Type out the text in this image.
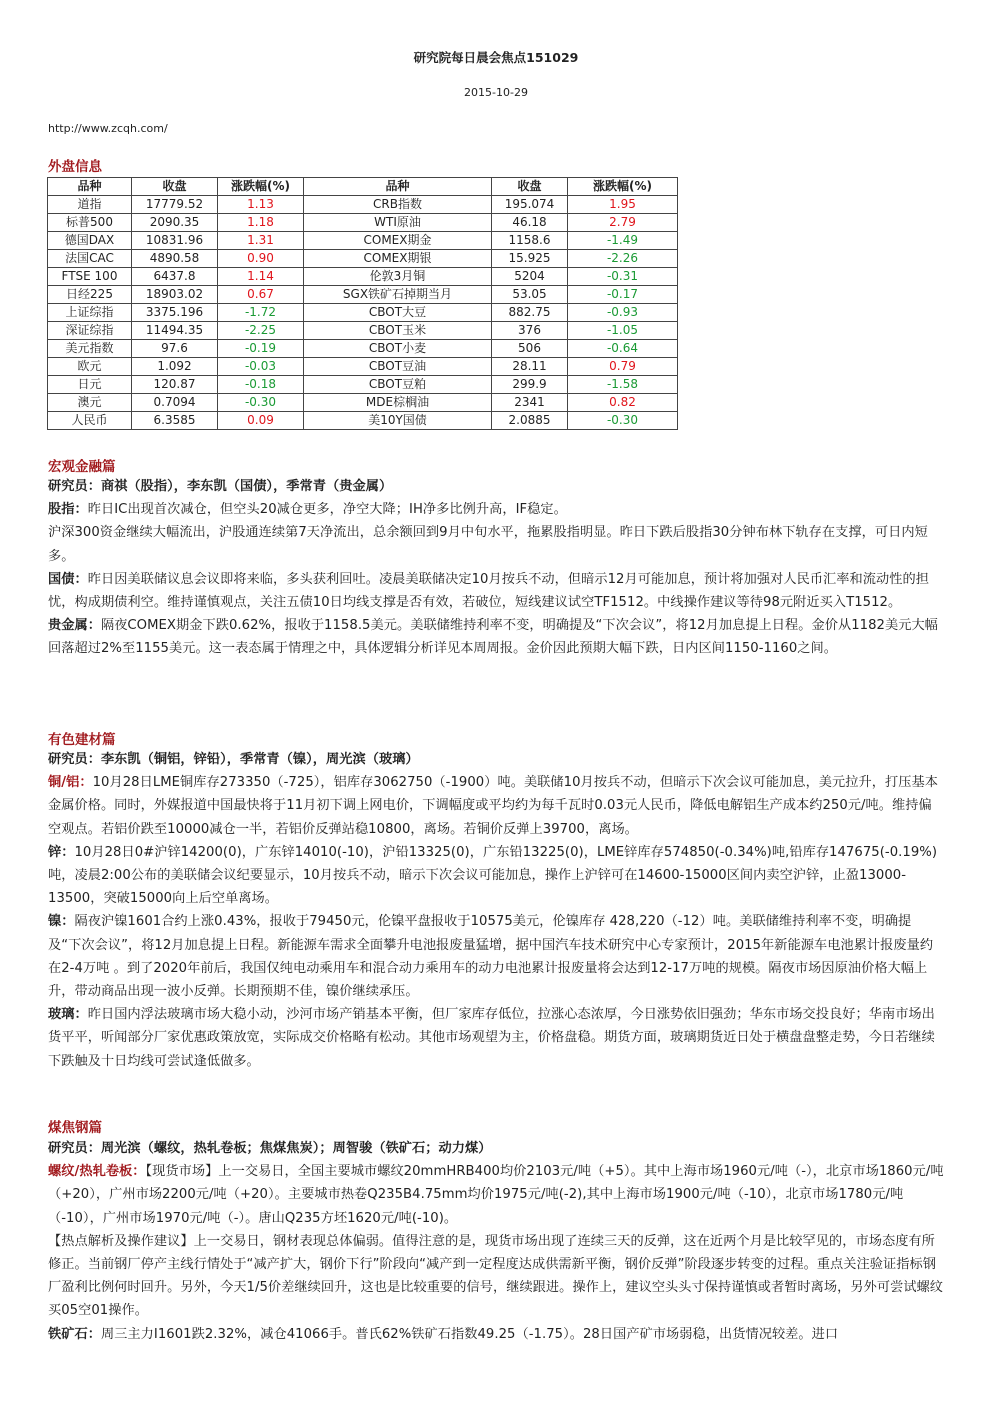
研究院每日晨会焦点151029
2015-10-29
http://www.zcqh.com/
外盘信息
品种	收盘	涨跌幅(%)	品种	收盘	涨跌幅(%)
道指	17779.52	1.13	CRB指数	195.074	1.95
标普500	2090.35	1.18	WTI原油	46.18	2.79
德国DAX	10831.96	1.31	COMEX期金	1158.6	-1.49
法国CAC	4890.58	0.90	COMEX期银	15.925	-2.26
FTSE 100	6437.8	1.14	伦敦3月铜	5204	-0.31
日经225	18903.02	0.67	SGX铁矿石掉期当月	53.05	-0.17
上证综指	3375.196	-1.72	CBOT大豆	882.75	-0.93
深证综指	11494.35	-2.25	CBOT玉米	376	-1.05
美元指数	97.6	-0.19	CBOT小麦	506	-0.64
欧元	1.092	-0.03	CBOT豆油	28.11	0.79
日元	120.87	-0.18	CBOT豆粕	299.9	-1.58
澳元	0.7094	-0.30	MDE棕榈油	2341	0.82
人民币	6.3585	0.09	美10Y国债	2.0885	-0.30
宏观金融篇

研究员：商祺（股指），李东凯（国债），季常青（贵金属）

股指：昨日IC出现首次减仓，但空头20减仓更多，净空大降；IH净多比例升高，IF稳定。

沪深300资金继续大幅流出，沪股通连续第7天净流出，总余额回到9月中旬水平，拖累股指明显。昨日下跌后股指30分钟布林下轨存在支撑，可日内短多。

国债：昨日因美联储议息会议即将来临，多头获利回吐。凌晨美联储决定10月按兵不动，但暗示12月可能加息，预计将加强对人民币汇率和流动性的担忧，构成期债利空。维持谨慎观点，关注五债10日均线支撑是否有效，若破位，短线建议试空TF1512。中线操作建议等待98元附近买入T1512。

贵金属：隔夜COMEX期金下跌0.62%，报收于1158.5美元。美联储维持利率不变，明确提及“下次会议”，将12月加息提上日程。金价从1182美元大幅回落超过2%至1155美元。这一表态属于情理之中，具体逻辑分析详见本周周报。金价因此预期大幅下跌，日内区间1150-1160之间。

有色建材篇

研究员：李东凯（铜铝，锌铅），季常青（镍），周光滨（玻璃）

铜/铝：10月28日LME铜库存273350（-725），铝库存3062750（-1900）吨。美联储10月按兵不动，但暗示下次会议可能加息，美元拉升，打压基本金属价格。同时，外媒报道中国最快将于11月初下调上网电价，下调幅度或平均约为每千瓦时0.03元人民币，降低电解铝生产成本约250元/吨。维持偏空观点。若铝价跌至10000减仓一半，若铝价反弹站稳10800，离场。若铜价反弹上39700，离场。

锌：10月28日0#沪锌14200(0)，广东锌14010(-10)，沪铅13325(0)，广东铅13225(0)，LME锌库存574850(-0.34%)吨,铅库存147675(-0.19%)吨，凌晨2:00公布的美联储会议纪要显示，10月按兵不动，暗示下次会议可能加息，操作上沪锌可在14600-15000区间内卖空沪锌，止盈13000-13500，突破15000向上后空单离场。

镍：隔夜沪镍1601合约上涨0.43%，报收于79450元，伦镍平盘报收于10575美元，伦镍库存 428,220（-12）吨。美联储维持利率不变，明确提及“下次会议”，将12月加息提上日程。新能源车需求全面攀升电池报废量猛增，据中国汽车技术研究中心专家预计，2015年新能源车电池累计报废量约在2-4万吨 。到了2020年前后，我国仅纯电动乘用车和混合动力乘用车的动力电池累计报废量将会达到12-17万吨的规模。隔夜市场因原油价格大幅上升，带动商品出现一波小反弹。长期预期不佳，镍价继续承压。

玻璃：昨日国内浮法玻璃市场大稳小动，沙河市场产销基本平衡，但厂家库存低位，拉涨心态浓厚，今日涨势依旧强劲；华东市场交投良好；华南市场出货平平，听闻部分厂家优惠政策放宽，实际成交价格略有松动。其他市场观望为主，价格盘稳。期货方面，玻璃期货近日处于横盘盘整走势，今日若继续下跌触及十日均线可尝试逢低做多。

煤焦钢篇

研究员：周光滨（螺纹，热轧卷板；焦煤焦炭）；周智骏（铁矿石；动力煤）

螺纹/热轧卷板：【现货市场】上一交易日，全国主要城市螺纹20mmHRB400均价2103元/吨（+5）。其中上海市场1960元/吨（-），北京市场1860元/吨（+20），广州市场2200元/吨（+20）。主要城市热卷Q235B4.75mm均价1975元/吨(-2),其中上海市场1900元/吨（-10），北京市场1780元/吨（-10），广州市场1970元/吨（-）。唐山Q235方坯1620元/吨(-10)。

【热点解析及操作建议】上一交易日，钢材表现总体偏弱。值得注意的是，现货市场出现了连续三天的反弹，这在近两个月是比较罕见的，市场态度有所修正。当前钢厂停产主线行情处于“减产扩大，钢价下行”阶段向“减产到一定程度达成供需新平衡，钢价反弹”阶段逐步转变的过程。重点关注验证指标钢厂盈利比例何时回升。另外，今天1/5价差继续回升，这也是比较重要的信号，继续跟进。操作上，建议空头头寸保持谨慎或者暂时离场，另外可尝试螺纹买05空01操作。

铁矿石：周三主力I1601跌2.32%，减仓41066手。普氏62%铁矿石指数49.25（-1.75）。28日国产矿市场弱稳，出货情况较差。进口
